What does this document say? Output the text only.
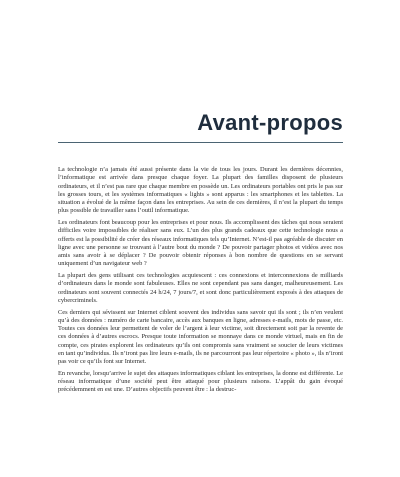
Avant-propos

La technologie n’a jamais été aussi présente dans la vie de tous les jours. Durant les dernières décennies, l’informatique est arrivée dans presque chaque foyer. La plupart des familles disposent de plusieurs ordinateurs, et il n’est pas rare que chaque membre en possède un. Les ordinateurs portables ont pris le pas sur les grosses tours, et les systèmes informatiques « lights » sont apparus : les smartphones et les tablettes. La situation a évolué de la même façon dans les entreprises. Au sein de ces dernières, il n’est la plupart du temps plus possible de travailler sans l’outil informatique.

Les ordinateurs font beaucoup pour les entreprises et pour nous. Ils accomplissent des tâches qui nous seraient difficiles voire impossibles de réaliser sans eux. L’un des plus grands cadeaux que cette technologie nous a offerts est la possibilité de créer des réseaux informatiques tels qu’Internet. N’est-il pas agréable de discuter en ligne avec une personne se trouvant à l’autre bout du monde ? De pouvoir partager photos et vidéos avec nos amis sans avoir à se déplacer ? De pouvoir obtenir réponses à bon nombre de questions en se servant uniquement d’un navigateur web ?

La plupart des gens utilisant ces technologies acquiescent : ces connexions et interconnexions de milliards d’ordinateurs dans le monde sont fabuleuses. Elles ne sont cependant pas sans danger, malheureusement. Les ordinateurs sont souvent connectés 24 h/24, 7 jours/7, et sont donc particulièrement exposés à des attaques de cybercriminels.

Ces derniers qui sévissent sur Internet ciblent souvent des individus sans savoir qui ils sont ; ils n’en veulent qu’à des données : numéro de carte bancaire, accès aux banques en ligne, adresses e-mails, mots de passe, etc. Toutes ces données leur permettent de voler de l’argent à leur victime, soit directement soit par la revente de ces données à d’autres escrocs. Presque toute information se monnaye dans ce monde virtuel, mais en fin de compte, ces pirates explorent les ordinateurs qu’ils ont compromis sans vraiment se soucier de leurs victimes en tant qu’individus. Ils n’iront pas lire leurs e-mails, ils ne parcourront pas leur répertoire « photo », ils n’iront pas voir ce qu’ils font sur Internet.

En revanche, lorsqu’arrive le sujet des attaques informatiques ciblant les entreprises, la donne est différente. Le réseau informatique d’une société peut être attaqué pour plusieurs raisons. L’appât du gain évoqué précédemment en est une. D’autres objectifs peuvent être : la destruc-
